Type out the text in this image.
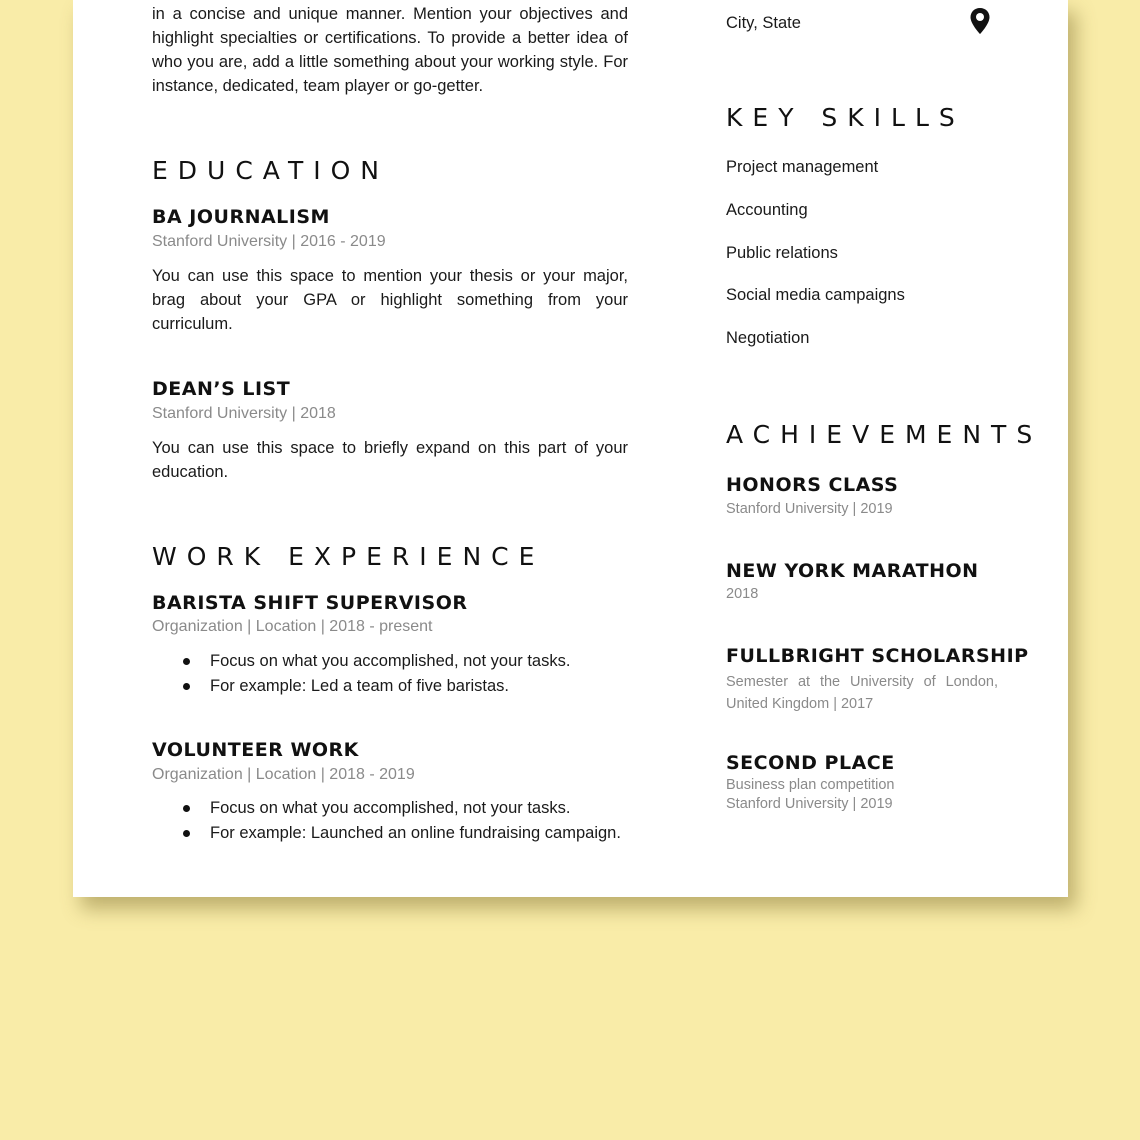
in a concise and unique manner. Mention your objectives and

highlight specialties or certifications. To provide a better idea of

who you are, add a little something about your working style. For

instance, dedicated, team player or go-getter.

EDUCATION
BA JOURNALISM
Stanford University | 2016 - 2019

You can use this space to mention your thesis or your major, brag about your GPA or highlight something from your curriculum.

DEAN’S LIST
Stanford University | 2018

You can use this space to briefly expand on this part of your education.

WORK EXPERIENCE
BARISTA SHIFT SUPERVISOR
Organization | Location | 2018 - present
Focus on what you accomplished, not your tasks.
For example: Led a team of five baristas.
VOLUNTEER WORK
Organization | Location | 2018 - 2019
Focus on what you accomplished, not your tasks.
For example: Launched an online fundraising campaign.
City, State
KEY SKILLS
Project management
Accounting
Public relations
Social media campaigns
Negotiation
ACHIEVEMENTS
HONORS CLASS
Stanford University | 2019
NEW YORK MARATHON
2018
FULLBRIGHT SCHOLARSHIP
Semester at the University of London, United Kingdom | 2017
SECOND PLACE
Business plan competition
Stanford University | 2019
